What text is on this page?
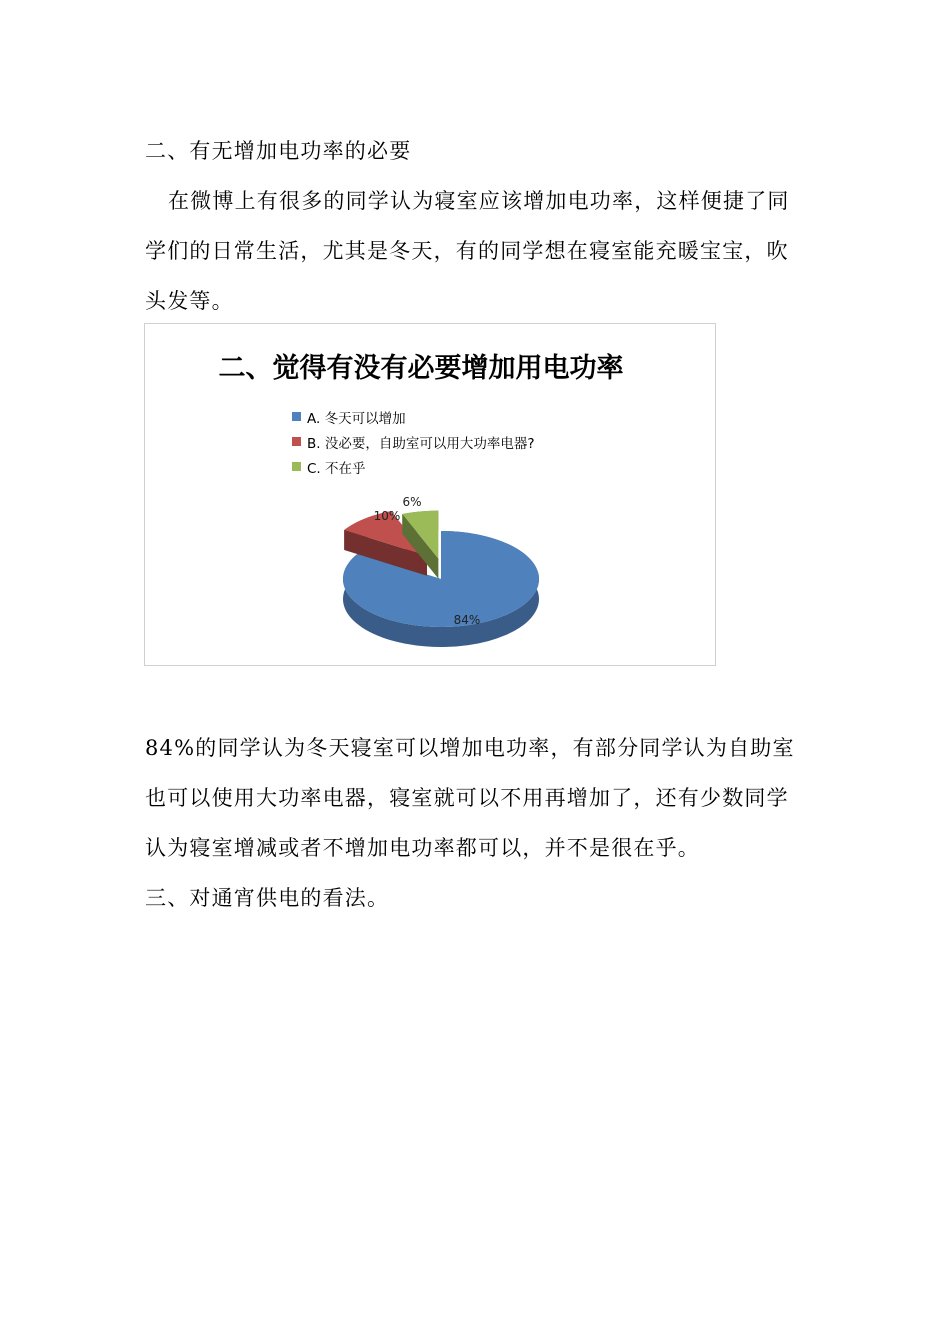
二、有无增加电功率的必要

在微博上有很多的同学认为寝室应该增加电功率，这样便捷了同学们的日常生活，尤其是冬天，有的同学想在寝室能充暖宝宝，吹头发等。

二、觉得有没有必要增加用电功率
A. 冬天可以增加
B. 没必要，自助室可以用大功率电器?
C. 不在乎
84%
10%
6%

84%的同学认为冬天寝室可以增加电功率，有部分同学认为自助室也可以使用大功率电器，寝室就可以不用再增加了，还有少数同学认为寝室增减或者不增加电功率都可以，并不是很在乎。

三、对通宵供电的看法。
